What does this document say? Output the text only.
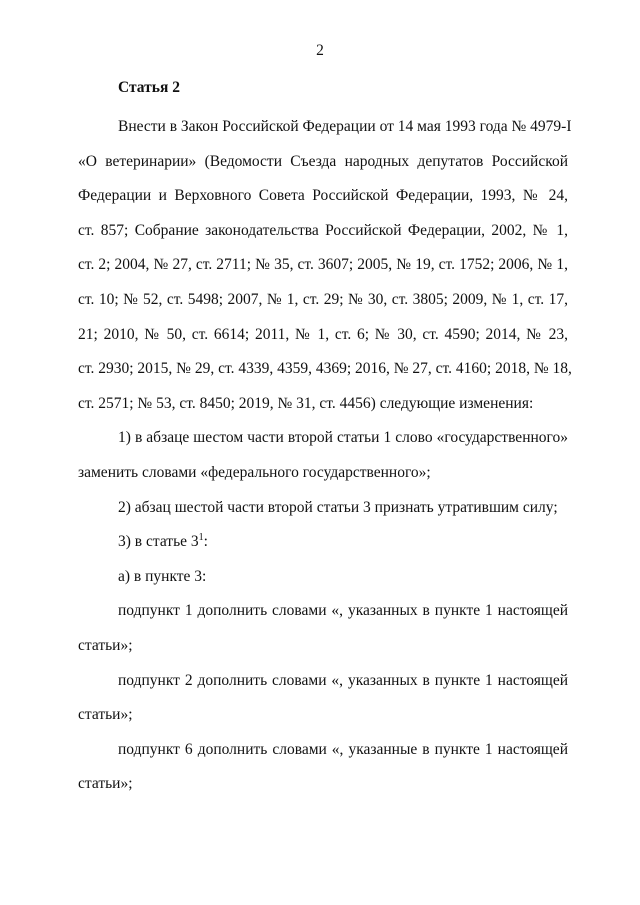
2
Статья 2

Внести в Закон Российской Федерации от 14 мая 1993 года № 4979-I
«О ветеринарии» (Ведомости Съезда народных депутатов Российской
Федерации и Верховного Совета Российской Федерации, 1993, № 24,
ст. 857; Собрание законодательства Российской Федерации, 2002, № 1,
ст. 2; 2004, № 27, ст. 2711; № 35, ст. 3607; 2005, № 19, ст. 1752; 2006, № 1,
ст. 10; № 52, ст. 5498; 2007, № 1, ст. 29; № 30, ст. 3805; 2009, № 1, ст. 17,
21; 2010, № 50, ст. 6614; 2011, № 1, ст. 6; № 30, ст. 4590; 2014, № 23,
ст. 2930; 2015, № 29, ст. 4339, 4359, 4369; 2016, № 27, ст. 4160; 2018, № 18,
ст. 2571; № 53, ст. 8450; 2019, № 31, ст. 4456) следующие изменения:

1) в абзаце шестом части второй статьи 1 слово «государственного» заменить словами «федерального государственного»;

2) абзац шестой части второй статьи 3 признать утратившим силу;

3) в статье $3^1$:

а) в пункте 3:

подпункт 1 дополнить словами «, указанных в пункте 1 настоящей статьи»;

подпункт 2 дополнить словами «, указанных в пункте 1 настоящей статьи»;

подпункт 6 дополнить словами «, указанные в пункте 1 настоящей статьи»;
